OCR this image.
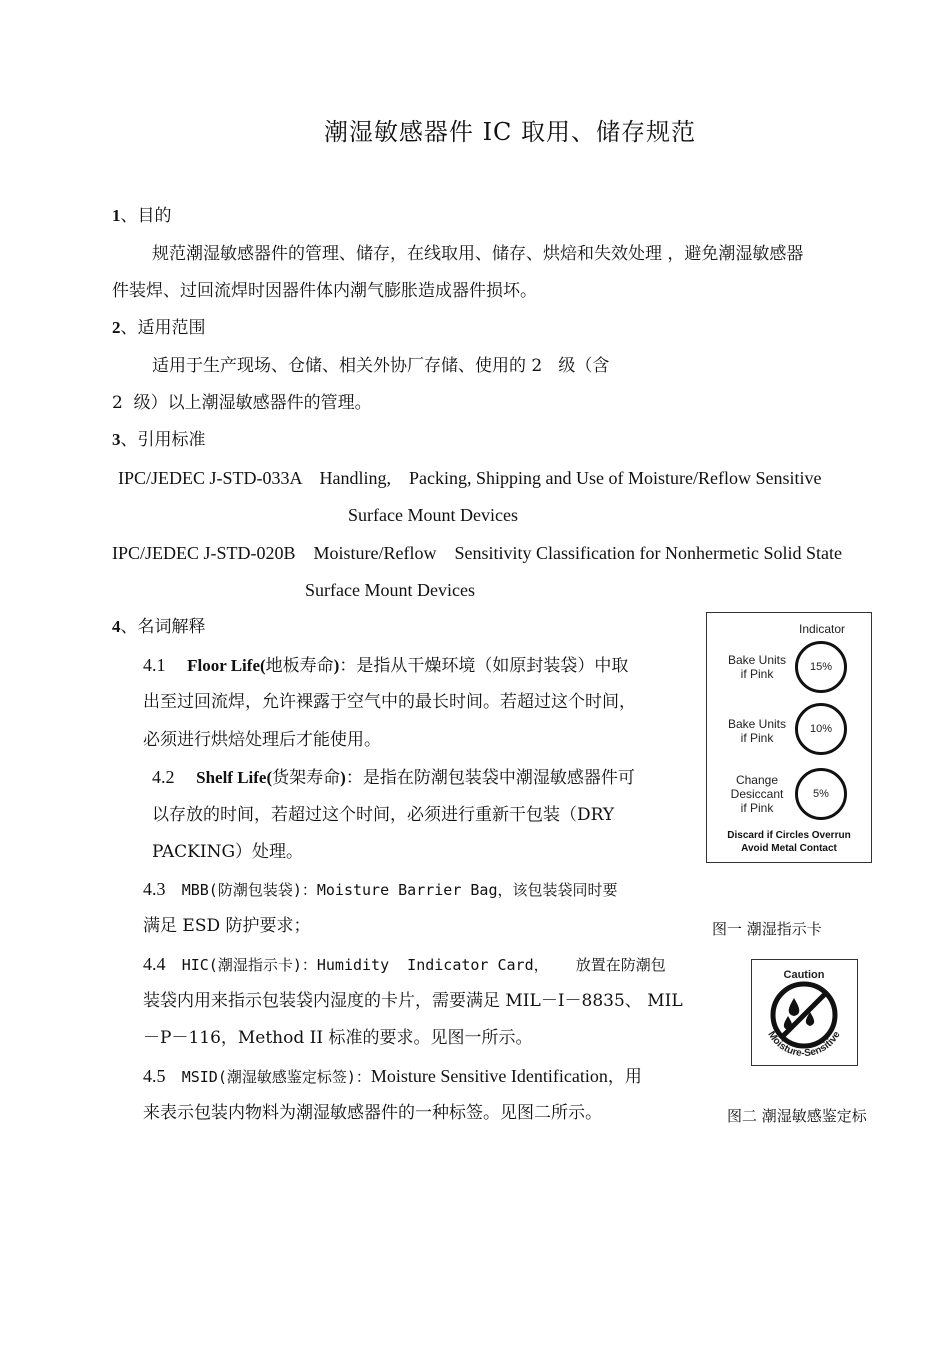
潮湿敏感器件 IC 取用、储存规范
1、目的
规范潮湿敏感器件的管理、储存，在线取用、储存、烘焙和失效处理 ，避免潮湿敏感器
件装焊、过回流焊时因器件体内潮气膨胀造成器件损坏。
2、适用范围
适用于生产现场、仓储、相关外协厂存储、使用的 2   级（含
2  级）以上潮湿敏感器件的管理。
3、引用标准
IPC/JEDEC J-STD-033A    Handling,    Packing, Shipping and Use of Moisture/Reflow Sensitive
Surface Mount Devices
IPC/JEDEC J-STD-020B    Moisture/Reflow    Sensitivity Classification for Nonhermetic Solid State
Surface Mount Devices
4、名词解释
4.1 Floor Life(地板寿命)：是指从干燥环境（如原封装袋）中取
出至过回流焊，允许裸露于空气中的最长时间。若超过这个时间，
必须进行烘焙处理后才能使用。
4.2 Shelf Life(货架寿命)：是指在防潮包装袋中潮湿敏感器件可
以存放的时间，若超过这个时间，必须进行重新干包装（DRY
PACKING）处理。
4.3 MBB(防潮包装袋)：Moisture Barrier Bag，该包装袋同时要
满足 ESD 防护要求；
4.4 HIC(潮湿指示卡)：Humidity  Indicator Card，   放置在防潮包
装袋内用来指示包装袋内湿度的卡片，需要满足 MIL－I－8835、 MIL
－P－116，Method II 标准的要求。见图一所示。
4.5 MSID(潮湿敏感鉴定标签)：Moisture Sensitive Identification，用
来表示包装内物料为潮湿敏感器件的一种标签。见图二所示。
Indicator
Bake Units
if Pink	15%
Bake Units
if Pink
10%
Change
Desiccant
if Pink
5%
Discard if Circles Overrun
Avoid Metal Contact
图一 潮湿指示卡
Caution
Moisture-Sensitive
图二 潮湿敏感鉴定标
